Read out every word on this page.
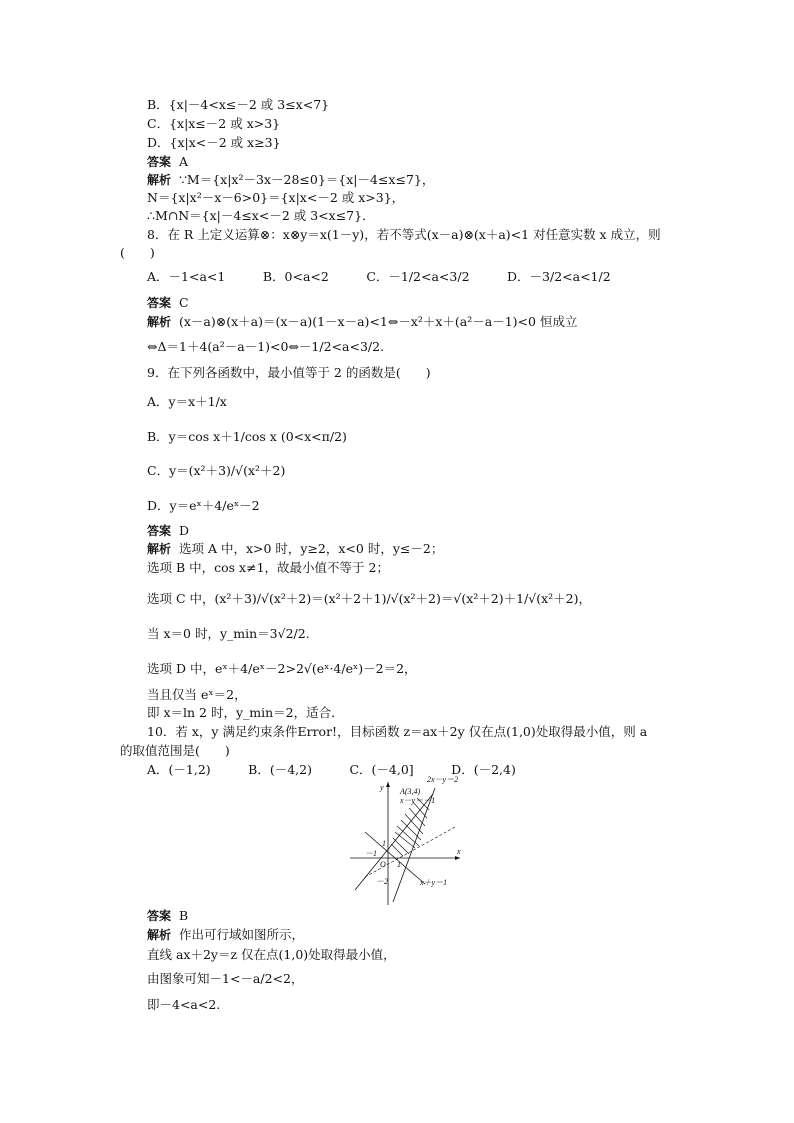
B．{x|－4<x≤－2 或 3≤x<7}
C．{x|x≤－2 或 x>3}
D．{x|x<－2 或 x≥3}
答案 A
解析 ∵M＝{x|x²－3x－28≤0}＝{x|－4≤x≤7}，
N＝{x|x²－x－6>0}＝{x|x<－2 或 x>3}，
∴M∩N＝{x|－4≤x<－2 或 3<x≤7}．
8．在 R 上定义运算⊗：x⊗y＝x(1－y)，若不等式(x－a)⊗(x＋a)<1 对任意实数 x 成立，则
(　　)
A．－1<a<1　　　B．0<a<2　　　C．－1/2<a<3/2　　　D．－3/2<a<1/2
答案 C
解析 (x－a)⊗(x＋a)＝(x－a)(1－x－a)<1⇔－x²＋x＋(a²－a－1)<0 恒成立
⇔Δ＝1＋4(a²－a－1)<0⇔－1/2<a<3/2.
9．在下列各函数中，最小值等于 2 的函数是(　　)
A．y＝x＋1/x
B．y＝cos x＋1/cos x (0<x<π/2)
C．y＝(x²＋3)/√(x²＋2)
D．y＝eˣ＋4/eˣ－2
答案 D
解析 选项 A 中，x>0 时，y≥2，x<0 时，y≤－2；
选项 B 中，cos x≠1，故最小值不等于 2；
选项 C 中，(x²＋3)/√(x²＋2)＝(x²＋2＋1)/√(x²＋2)＝√(x²＋2)＋1/√(x²＋2)，
当 x＝0 时，y_min＝3√2/2.
选项 D 中，eˣ＋4/eˣ－2>2√(eˣ·4/eˣ)－2＝2，
当且仅当 eˣ＝2，
即 x＝ln 2 时，y_min＝2，适合．
10．若 x，y 满足约束条件Error!，目标函数 z＝ax＋2y 仅在点(1,0)处取得最小值，则 a
的取值范围是(　　)
A．(－1,2)　　　B．(－4,2)　　　C．(－4,0]　　　D．(－2,4)
y
x
A(3,4)
2x－y＝2
x－y＝－1
x＋y＝1
O
1
－1
1
－2
答案 B
解析 作出可行域如图所示，
直线 ax＋2y＝z 仅在点(1,0)处取得最小值，
由图象可知－1<－a/2<2，
即－4<a<2.
